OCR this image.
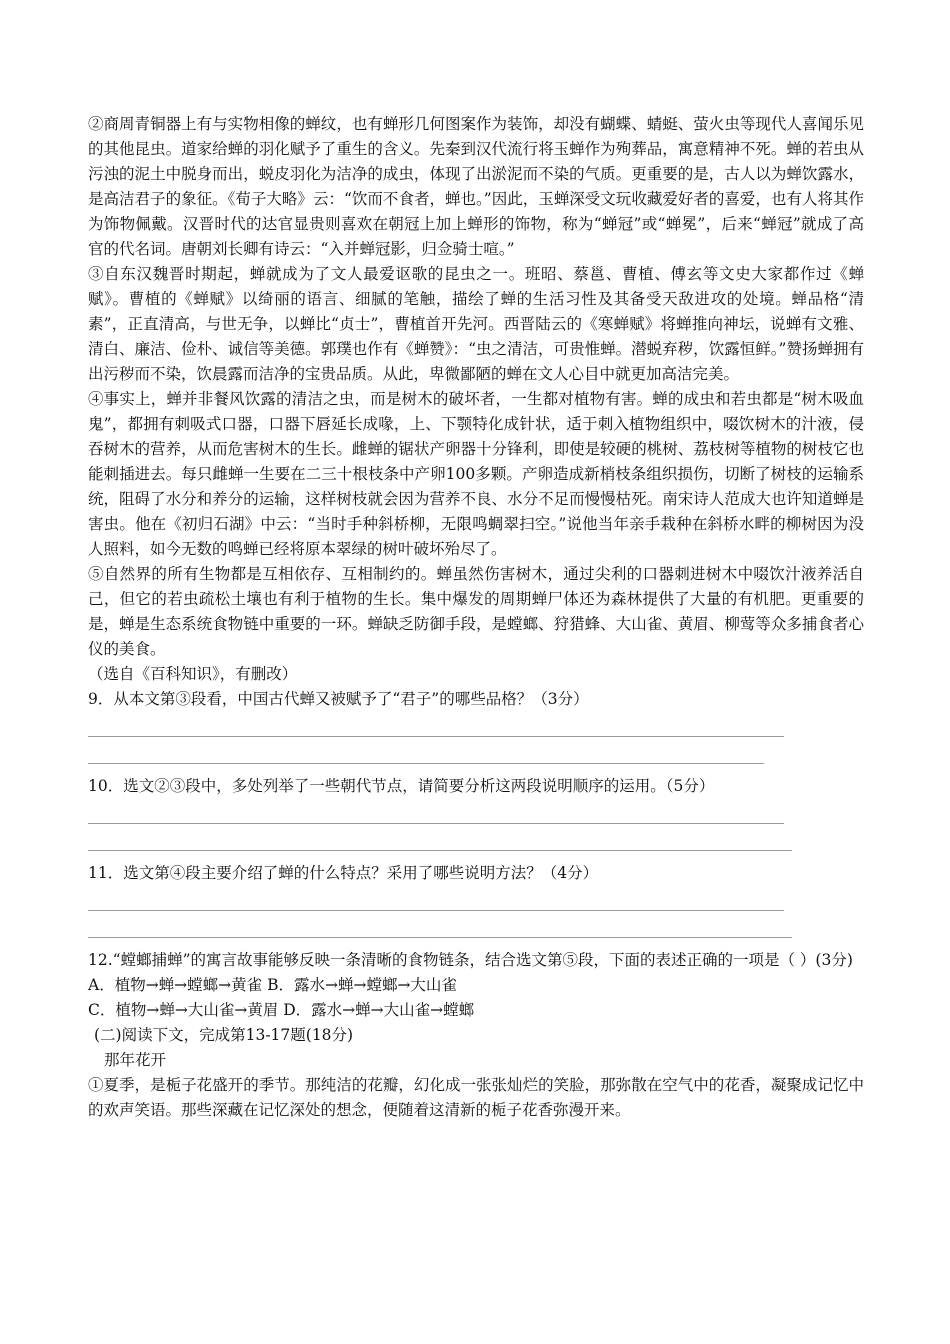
②商周青铜器上有与实物相像的蝉纹，也有蝉形几何图案作为装饰，却没有蝴蝶、蜻蜓、萤火虫等现代人喜闻乐见的其他昆虫。道家给蝉的羽化赋予了重生的含义。先秦到汉代流行将玉蝉作为殉葬品，寓意精神不死。蝉的若虫从污浊的泥土中脱身而出，蜕皮羽化为洁净的成虫，体现了出淤泥而不染的气质。更重要的是，古人以为蝉饮露水，是高洁君子的象征。《荀子大略》云：“饮而不食者，蝉也。”因此，玉蝉深受文玩收藏爱好者的喜爱，也有人将其作为饰物佩戴。汉晋时代的达官显贵则喜欢在朝冠上加上蝉形的饰物，称为“蝉冠”或“蝉冕”，后来“蝉冠”就成了高官的代名词。唐朝刘长卿有诗云：“入并蝉冠影，归佥骑士喧。”

③自东汉魏晋时期起，蝉就成为了文人最爱讴歌的昆虫之一。班昭、蔡邕、曹植、傅玄等文史大家都作过《蝉赋》。曹植的《蝉赋》以绮丽的语言、细腻的笔触，描绘了蝉的生活习性及其备受天敌进攻的处境。蝉品格“清素”，正直清高，与世无争，以蝉比“贞士”，曹植首开先河。西晋陆云的《寒蝉赋》将蝉推向神坛，说蝉有文雅、清白、廉洁、俭朴、诚信等美德。郭璞也作有《蝉赞》：“虫之清洁，可贵惟蝉。潜蜕弃秽，饮露恒鲜。”赞扬蝉拥有出污秽而不染，饮晨露而洁净的宝贵品质。从此，卑微鄙陋的蝉在文人心目中就更加高洁完美。

④事实上，蝉并非餐风饮露的清洁之虫，而是树木的破坏者，一生都对植物有害。蝉的成虫和若虫都是“树木吸血鬼”，都拥有刺吸式口器，口器下唇延长成喙，上、下颚特化成针状，适于刺入植物组织中，啜饮树木的汁液，侵吞树木的营养，从而危害树木的生长。雌蝉的锯状产卵器十分锋利，即使是较硬的桃树、荔枝树等植物的树枝它也能刺插进去。每只雌蝉一生要在二三十根枝条中产卵100多颗。产卵造成新梢枝条组织损伤，切断了树枝的运输系统，阻碍了水分和养分的运输，这样树枝就会因为营养不良、水分不足而慢慢枯死。南宋诗人范成大也许知道蝉是害虫。他在《初归石湖》中云：“当时手种斜桥柳，无限鸣蜩翠扫空。”说他当年亲手栽种在斜桥水畔的柳树因为没人照料，如今无数的鸣蝉已经将原本翠绿的树叶破坏殆尽了。

⑤自然界的所有生物都是互相依存、互相制约的。蝉虽然伤害树木，通过尖利的口器刺进树木中啜饮汁液养活自己，但它的若虫疏松土壤也有利于植物的生长。集中爆发的周期蝉尸体还为森林提供了大量的有机肥。更重要的是，蝉是生态系统食物链中重要的一环。蝉缺乏防御手段，是螳螂、狩猎蜂、大山雀、黄眉、柳莺等众多捕食者心仪的美食。

（选自《百科知识》，有删改）

9．从本文第③段看，中国古代蝉又被赋予了“君子”的哪些品格？（3分）

10．选文②③段中，多处列举了一些朝代节点，请简要分析这两段说明顺序的运用。（5分）

11．选文第④段主要介绍了蝉的什么特点？采用了哪些说明方法？（4分）

12.“螳螂捕蝉”的寓言故事能够反映一条清晰的食物链条，结合选文第⑤段，下面的表述正确的一项是（ ）(3分)

A．植物→蝉→螳螂→黄雀 B．露水→蝉→螳螂→大山雀

C．植物→蝉→大山雀→黄眉 D．露水→蝉→大山雀→螳螂

(二)阅读下文，完成第13-17题(18分)

那年花开

①夏季，是栀子花盛开的季节。那纯洁的花瓣，幻化成一张张灿烂的笑脸，那弥散在空气中的花香，凝聚成记忆中的欢声笑语。那些深藏在记忆深处的想念，便随着这清新的栀子花香弥漫开来。
